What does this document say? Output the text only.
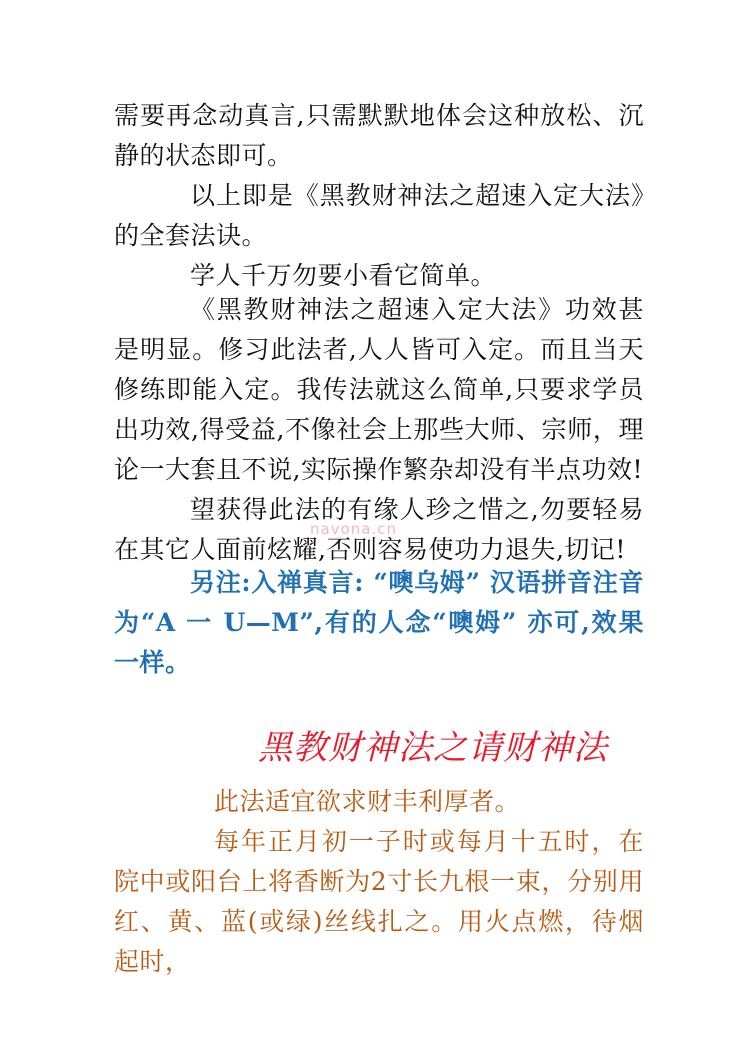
需要再念动真言,只需默默地体会这种放松、沉静的状态即可。

以上即是《黑教财神法之超速入定大法》的全套法诀。

学人千万勿要小看它简单。

《黑教财神法之超速入定大法》功效甚是明显。修习此法者,人人皆可入定。而且当天修练即能入定。我传法就这么简单,只要求学员出功效,得受益,不像社会上那些大师、宗师，理论一大套且不说,实际操作繁杂却没有半点功效!

望获得此法的有缘人珍之惜之,勿要轻易在其它人面前炫耀,否则容易使功力退失,切记!

另注:入禅真言: “噢乌姆” 汉语拼音注音为“A 一 U—M”,有的人念“噢姆” 亦可,效果一样。

黑教财神法之请财神法

此法适宜欲求财丰利厚者。

每年正月初一子时或每月十五时，在院中或阳台上将香断为2寸长九根一束，分别用红、黄、蓝(或绿)丝线扎之。用火点燃，待烟起时，

navona.cn
